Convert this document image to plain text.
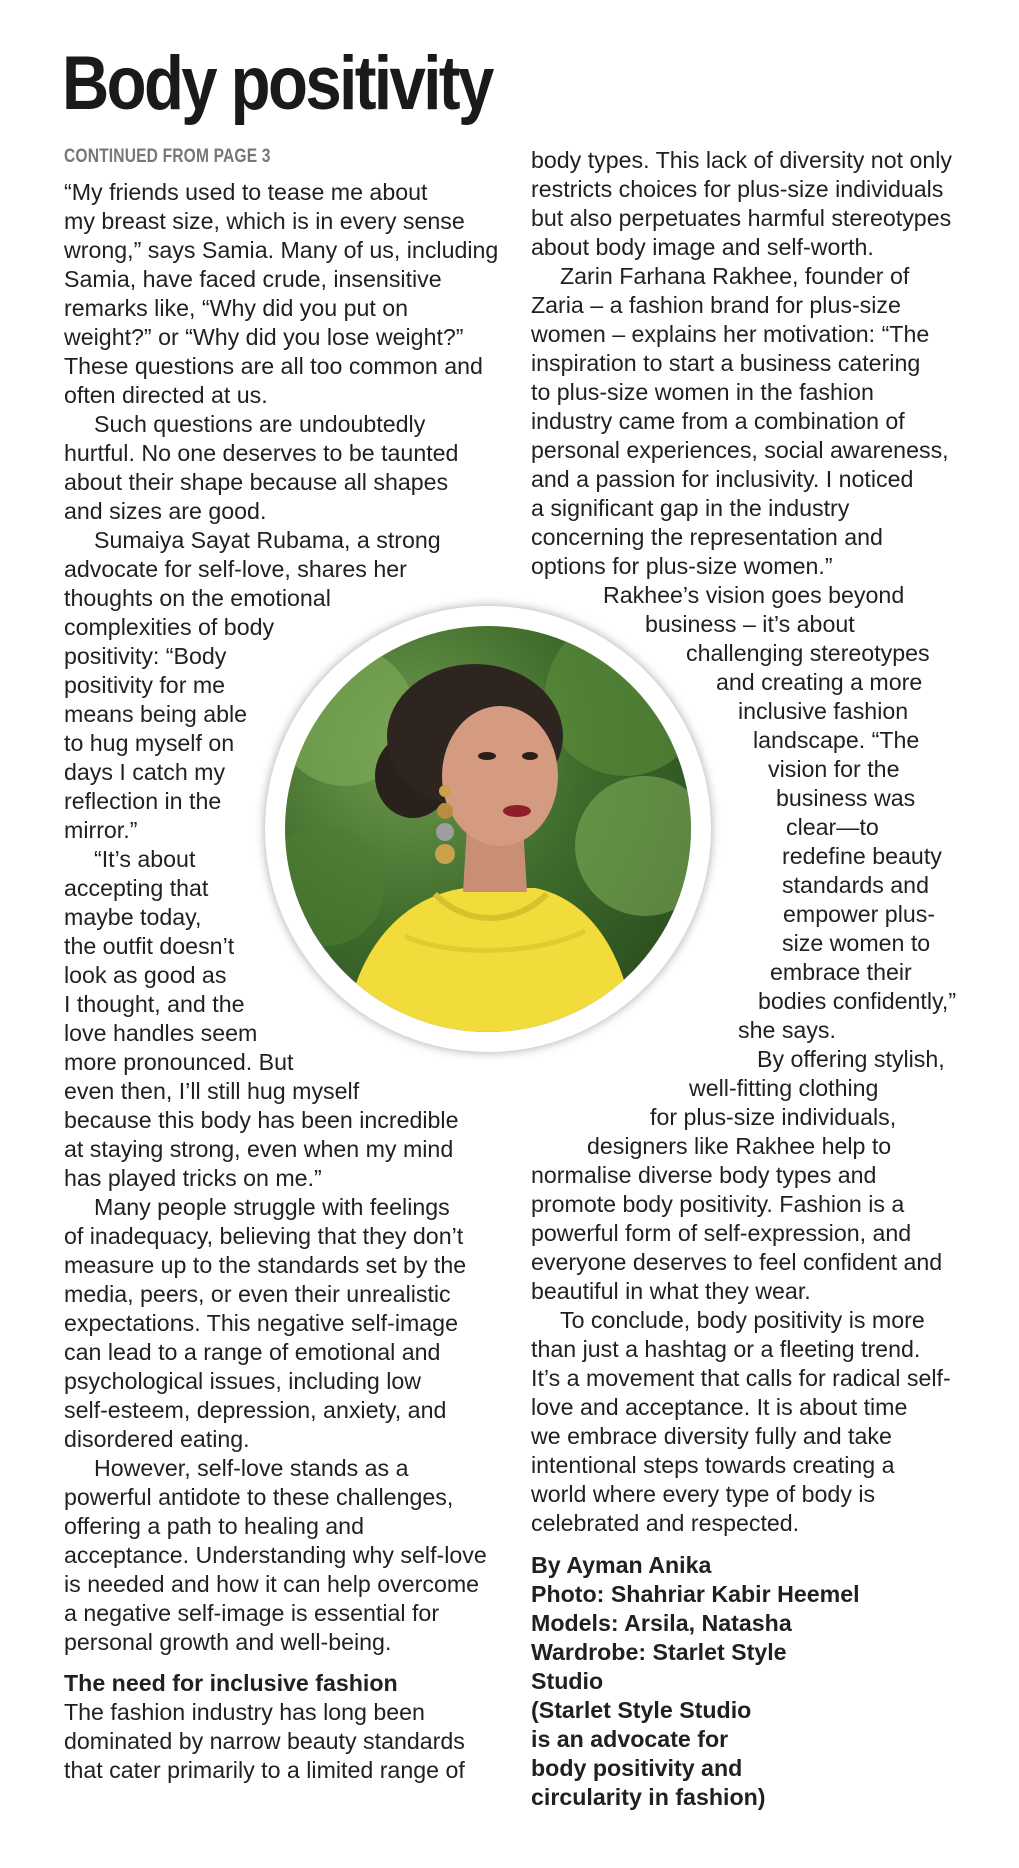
Body positivity
CONTINUED FROM PAGE 3
“My friends used to tease me about
my breast size, which is in every sense
wrong,” says Samia. Many of us, including
Samia, have faced crude, insensitive
remarks like, “Why did you put on
weight?” or “Why did you lose weight?”
These questions are all too common and
often directed at us.
Such questions are undoubtedly
hurtful. No one deserves to be taunted
about their shape because all shapes
and sizes are good.
Sumaiya Sayat Rubama, a strong
advocate for self-love, shares her
thoughts on the emotional
complexities of body
positivity: “Body
positivity for me
means being able
to hug myself on
days I catch my
reflection in the
mirror.”
“It’s about
accepting that
maybe today,
the outfit doesn’t
look as good as
I thought, and the
love handles seem
more pronounced. But
even then, I’ll still hug myself
because this body has been incredible
at staying strong, even when my mind
has played tricks on me.”
Many people struggle with feelings
of inadequacy, believing that they don’t
measure up to the standards set by the
media, peers, or even their unrealistic
expectations. This negative self-image
can lead to a range of emotional and
psychological issues, including low
self-esteem, depression, anxiety, and
disordered eating.
However, self-love stands as a
powerful antidote to these challenges,
offering a path to healing and
acceptance. Understanding why self-love
is needed and how it can help overcome
a negative self-image is essential for
personal growth and well-being.
The need for inclusive fashion
The fashion industry has long been
dominated by narrow beauty standards
that cater primarily to a limited range of
body types. This lack of diversity not only
restricts choices for plus-size individuals
but also perpetuates harmful stereotypes
about body image and self-worth.
Zarin Farhana Rakhee, founder of
Zaria – a fashion brand for plus-size
women – explains her motivation: “The
inspiration to start a business catering
to plus-size women in the fashion
industry came from a combination of
personal experiences, social awareness,
and a passion for inclusivity. I noticed
a significant gap in the industry
concerning the representation and
options for plus-size women.”
Rakhee’s vision goes beyond
business – it’s about
challenging stereotypes
and creating a more
inclusive fashion
landscape. “The
vision for the
business was
clear—to
redefine beauty
standards and
empower plus-
size women to
embrace their
bodies confidently,”
she says.
By offering stylish,
well-fitting clothing
for plus-size individuals,
designers like Rakhee help to
normalise diverse body types and
promote body positivity. Fashion is a
powerful form of self-expression, and
everyone deserves to feel confident and
beautiful in what they wear.
To conclude, body positivity is more
than just a hashtag or a fleeting trend.
It’s a movement that calls for radical self-
love and acceptance. It is about time
we embrace diversity fully and take
intentional steps towards creating a
world where every type of body is
celebrated and respected.
By Ayman Anika
Photo: Shahriar Kabir Heemel
Models: Arsila, Natasha
Wardrobe: Starlet Style
Studio
(Starlet Style Studio
is an advocate for
body positivity and
circularity in fashion)
